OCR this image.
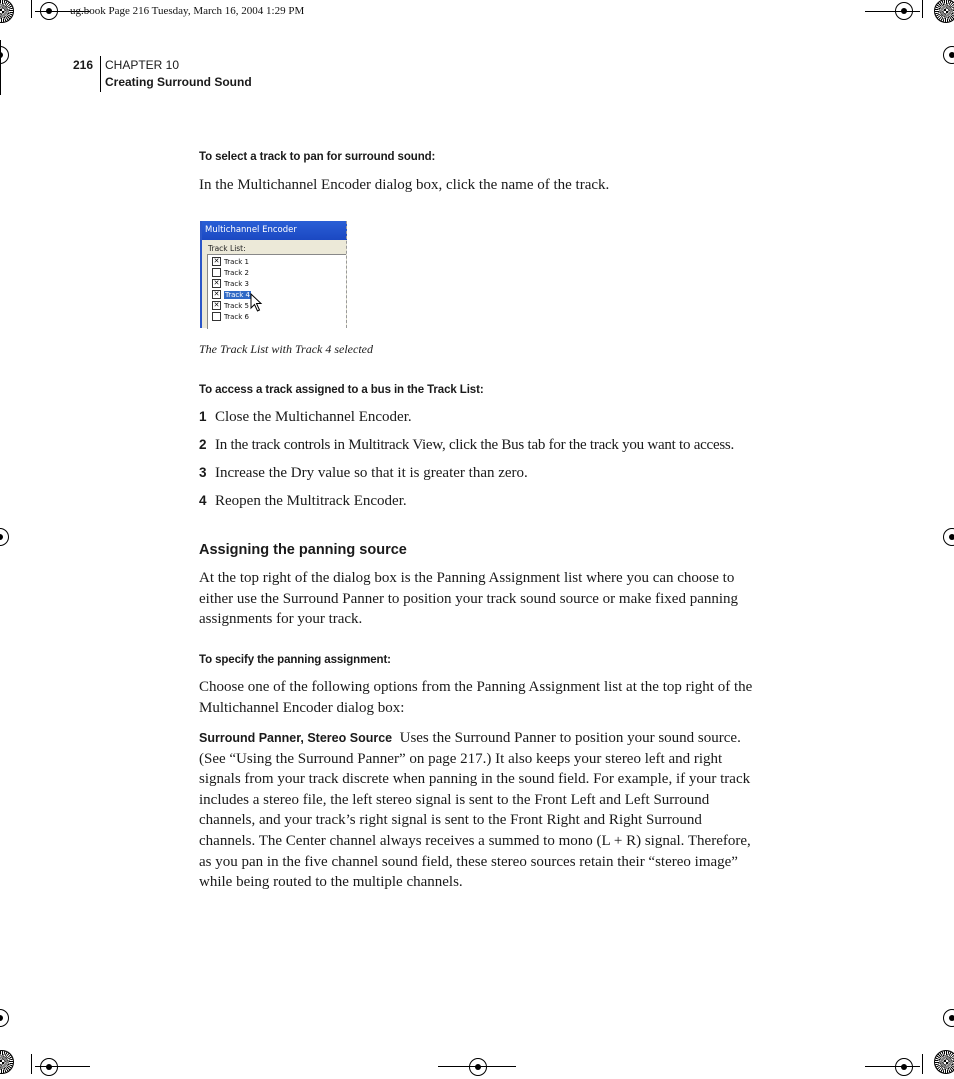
ug.book Page 216 Tuesday, March 16, 2004 1:29 PM
216 CHAPTER 10
Creating Surround Sound
To select a track to pan for surround sound:
In the Multichannel Encoder dialog box, click the name of the track.
Multichannel Encoder
Track List:
✕ Track 1
Track 2
✕ Track 3
✕ Track 4
✕ Track 5
Track 6
The Track List with Track 4 selected
To access a track assigned to a bus in the Track List:
1 Close the Multichannel Encoder.
2 In the track controls in Multitrack View, click the Bus tab for the track you want to access.
3 Increase the Dry value so that it is greater than zero.
4 Reopen the Multitrack Encoder.
Assigning the panning source
At the top right of the dialog box is the Panning Assignment list where you can choose to either use the Surround Panner to position your track sound source or make fixed panning assignments for your track.
To specify the panning assignment:
Choose one of the following options from the Panning Assignment list at the top right of the Multichannel Encoder dialog box:
Surround Panner, Stereo Source Uses the Surround Panner to position your sound source. (See “Using the Surround Panner” on page 217.) It also keeps your stereo left and right signals from your track discrete when panning in the sound field. For example, if your track includes a stereo file, the left stereo signal is sent to the Front Left and Left Surround channels, and your track’s right signal is sent to the Front Right and Right Surround channels. The Center channel always receives a summed to mono (L + R) signal. Therefore, as you pan in the five channel sound field, these stereo sources retain their “stereo image” while being routed to the multiple channels.
